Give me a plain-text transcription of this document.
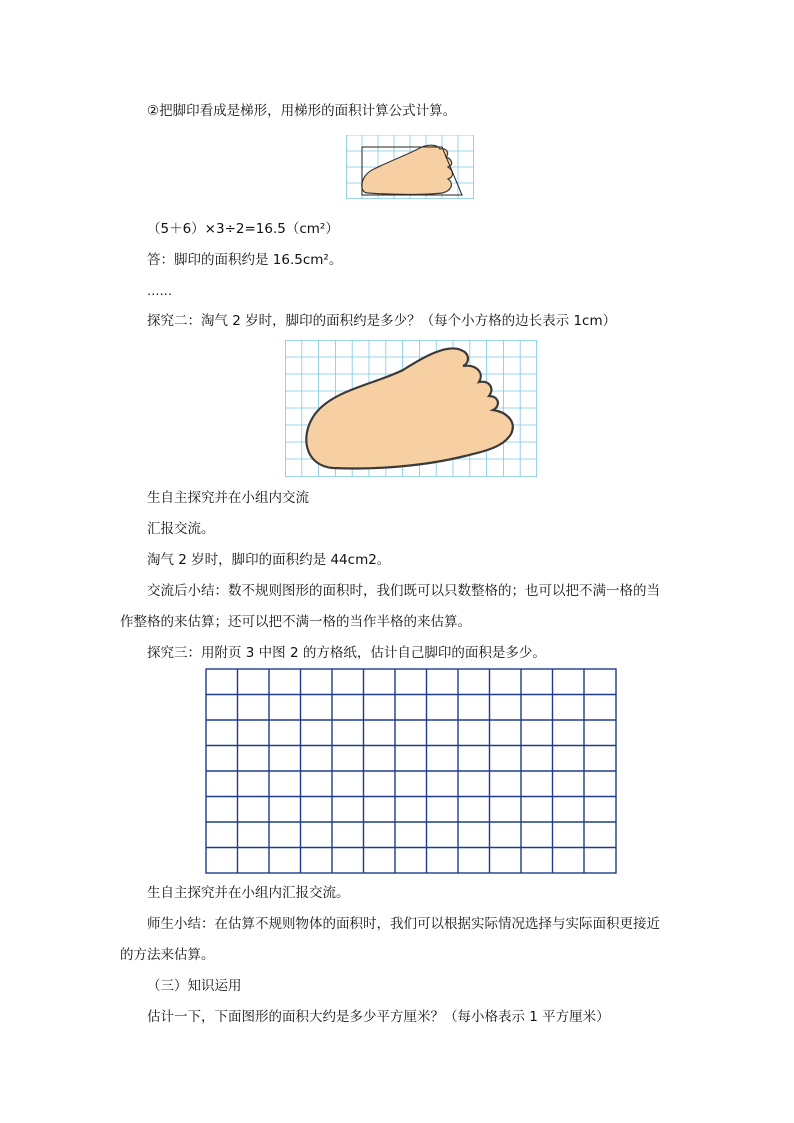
②把脚印看成是梯形，用梯形的面积计算公式计算。
（5＋6）×3÷2=16.5（cm²）
答：脚印的面积约是 16.5cm²。
……
探究二：淘气 2 岁时，脚印的面积约是多少？（每个小方格的边长表示 1cm）
生自主探究并在小组内交流
汇报交流。
淘气 2 岁时，脚印的面积约是 44cm2。
交流后小结：数不规则图形的面积时，我们既可以只数整格的；也可以把不满一格的当
作整格的来估算；还可以把不满一格的当作半格的来估算。
探究三：用附页 3 中图 2 的方格纸，估计自己脚印的面积是多少。
生自主探究并在小组内汇报交流。
师生小结：在估算不规则物体的面积时，我们可以根据实际情况选择与实际面积更接近
的方法来估算。
（三）知识运用
估计一下，下面图形的面积大约是多少平方厘米？（每小格表示 1 平方厘米）
